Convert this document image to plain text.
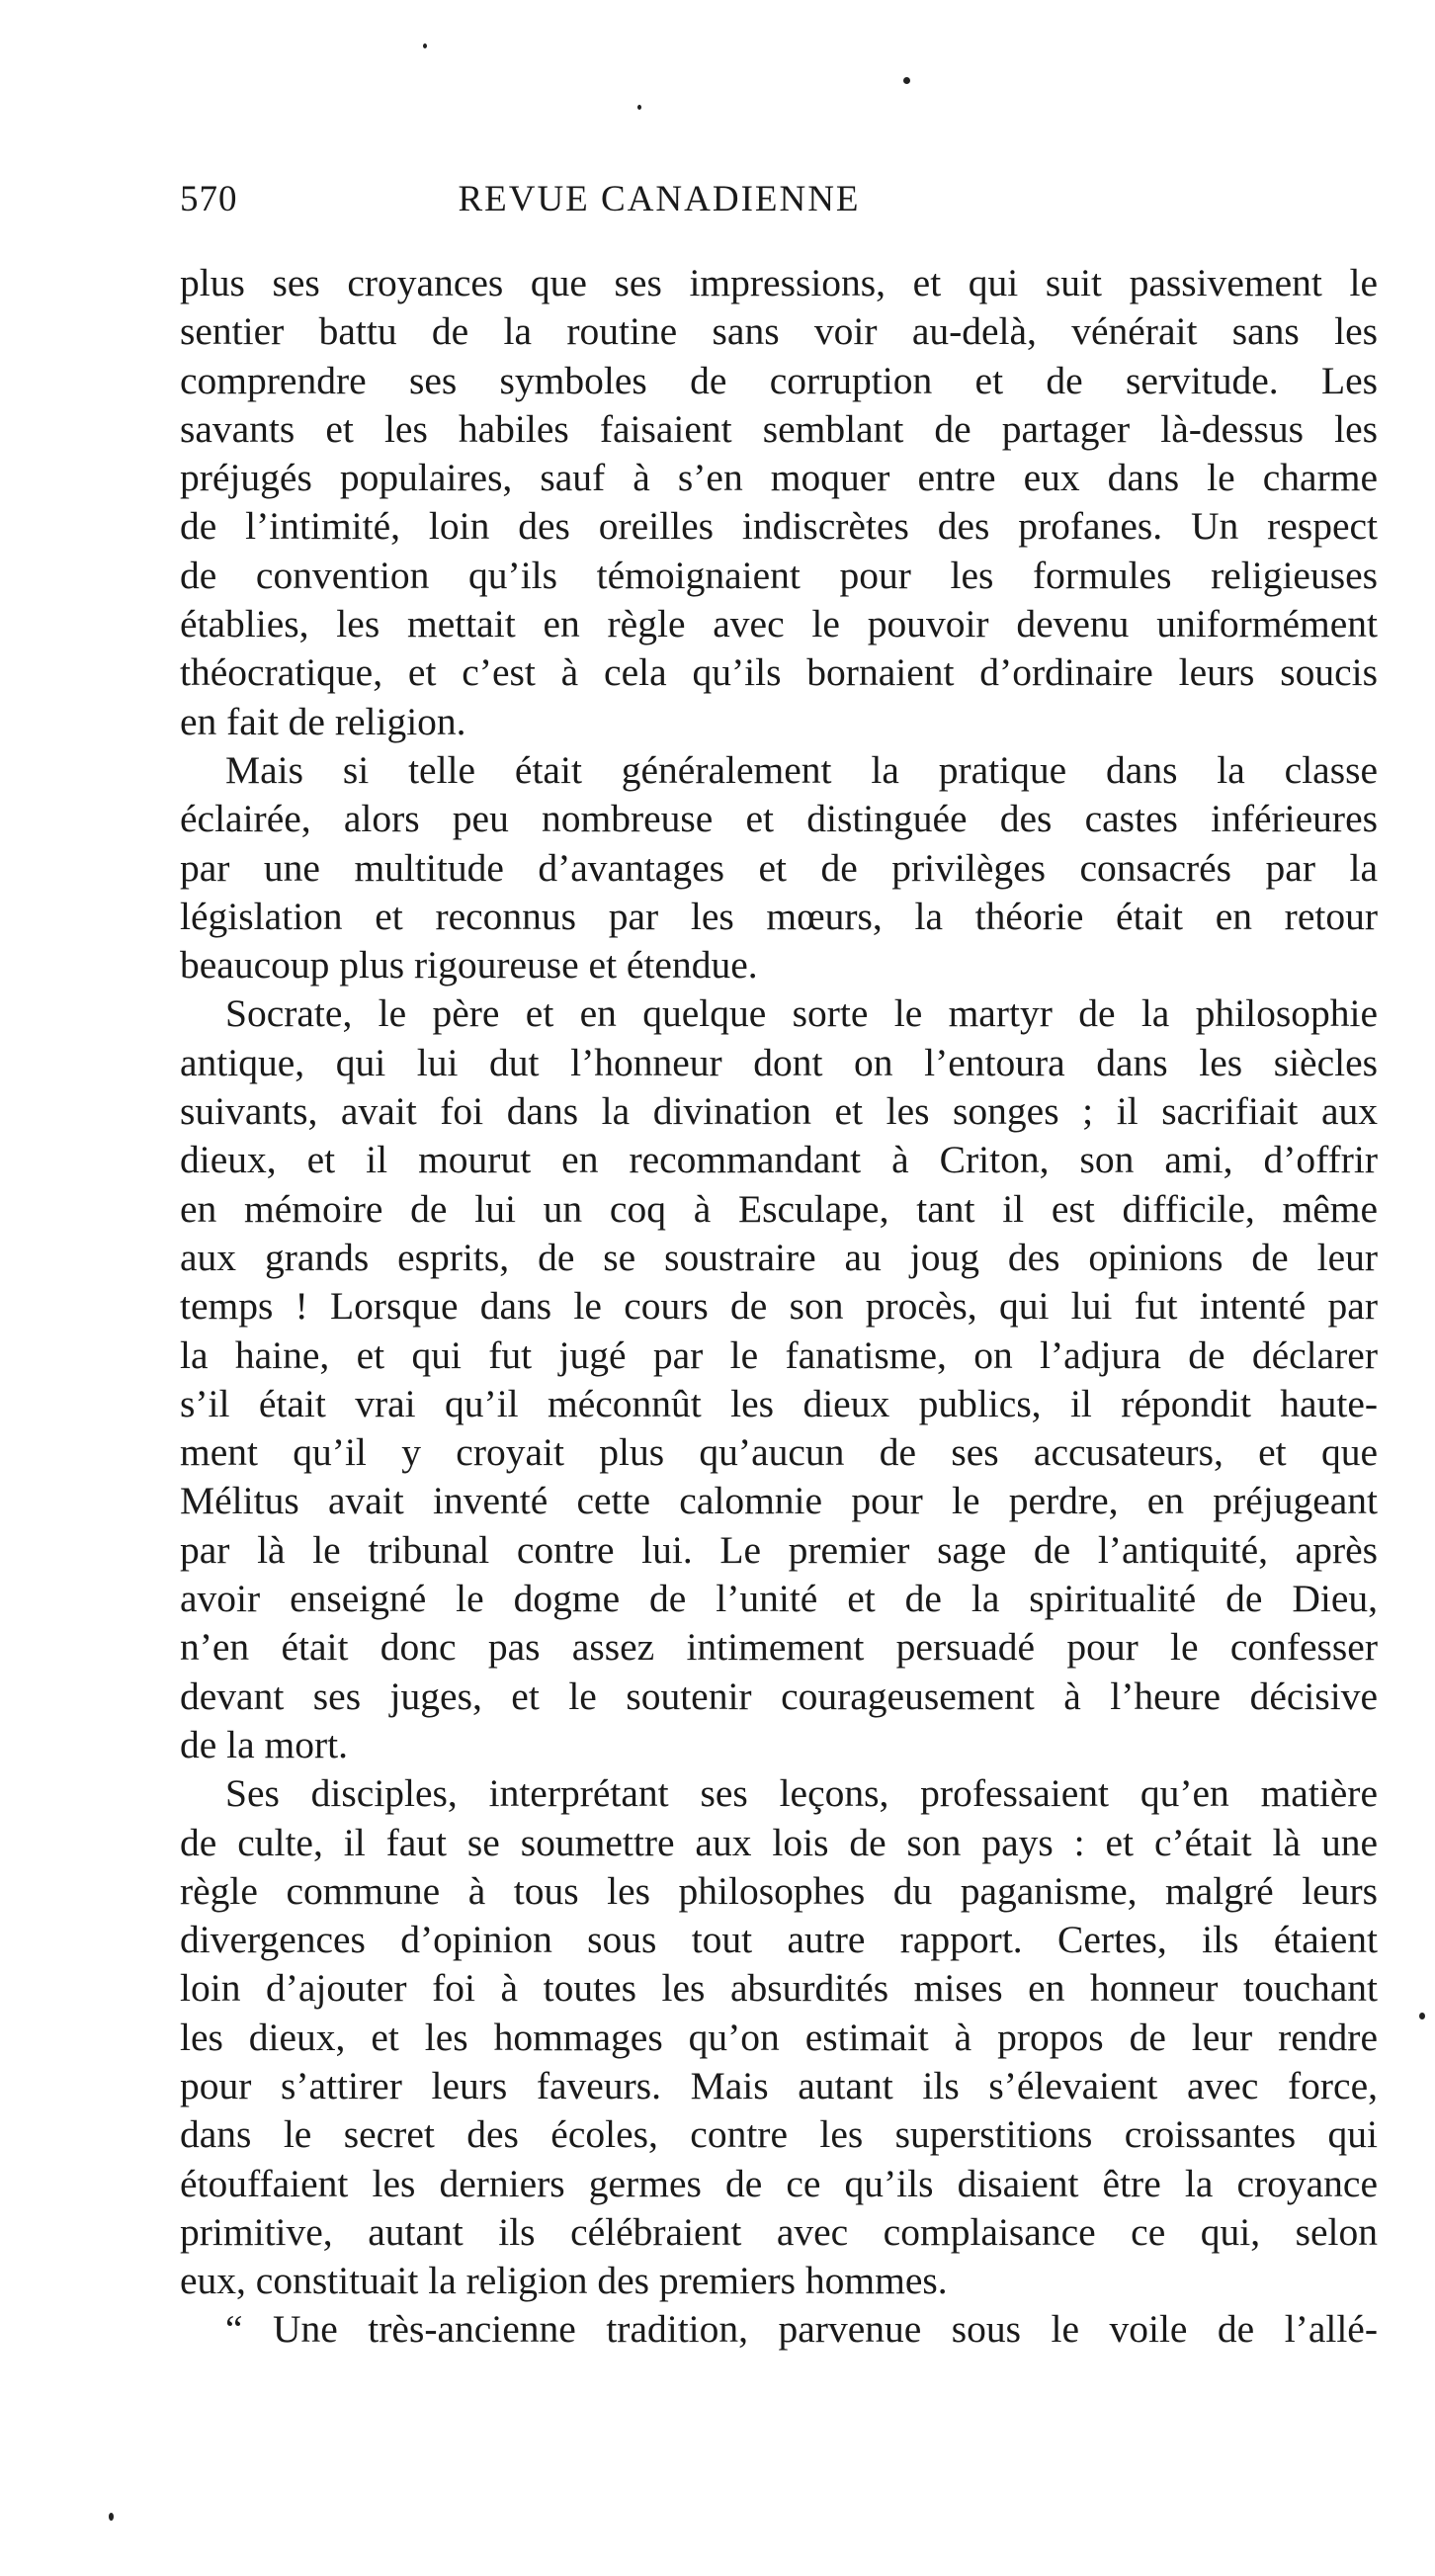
570	REVUE CANADIENNE

plus ses croyances que ses impressions, et qui suit passivement le
sentier battu de la routine sans voir au-delà, vénérait sans les
comprendre ses symboles de corruption et de servitude. Les
savants et les habiles faisaient semblant de partager là-dessus les
préjugés populaires, sauf à s’en moquer entre eux dans le charme
de l’intimité, loin des oreilles indiscrètes des profanes. Un respect
de convention qu’ils témoignaient pour les formules religieuses
établies, les mettait en règle avec le pouvoir devenu uniformément
théocratique, et c’est à cela qu’ils bornaient d’ordinaire leurs soucis
en fait de religion.

Mais si telle était généralement la pratique dans la classe
éclairée, alors peu nombreuse et distinguée des castes inférieures
par une multitude d’avantages et de privilèges consacrés par la
législation et reconnus par les mœurs, la théorie était en retour
beaucoup plus rigoureuse et étendue.

Socrate, le père et en quelque sorte le martyr de la philosophie
antique, qui lui dut l’honneur dont on l’entoura dans les siècles
suivants, avait foi dans la divination et les songes ; il sacrifiait aux
dieux, et il mourut en recommandant à Criton, son ami, d’offrir
en mémoire de lui un coq à Esculape, tant il est difficile, même
aux grands esprits, de se soustraire au joug des opinions de leur
temps ! Lorsque dans le cours de son procès, qui lui fut intenté par
la haine, et qui fut jugé par le fanatisme, on l’adjura de déclarer
s’il était vrai qu’il méconnût les dieux publics, il répondit haute-
ment qu’il y croyait plus qu’aucun de ses accusateurs, et que
Mélitus avait inventé cette calomnie pour le perdre, en préjugeant
par là le tribunal contre lui. Le premier sage de l’antiquité, après
avoir enseigné le dogme de l’unité et de la spiritualité de Dieu,
n’en était donc pas assez intimement persuadé pour le confesser
devant ses juges, et le soutenir courageusement à l’heure décisive
de la mort.

Ses disciples, interprétant ses leçons, professaient qu’en matière
de culte, il faut se soumettre aux lois de son pays : et c’était là une
règle commune à tous les philosophes du paganisme, malgré leurs
divergences d’opinion sous tout autre rapport. Certes, ils étaient
loin d’ajouter foi à toutes les absurdités mises en honneur touchant
les dieux, et les hommages qu’on estimait à propos de leur rendre
pour s’attirer leurs faveurs. Mais autant ils s’élevaient avec force,
dans le secret des écoles, contre les superstitions croissantes qui
étouffaient les derniers germes de ce qu’ils disaient être la croyance
primitive, autant ils célébraient avec complaisance ce qui, selon
eux, constituait la religion des premiers hommes.

“ Une très-ancienne tradition, parvenue sous le voile de l’allé-
